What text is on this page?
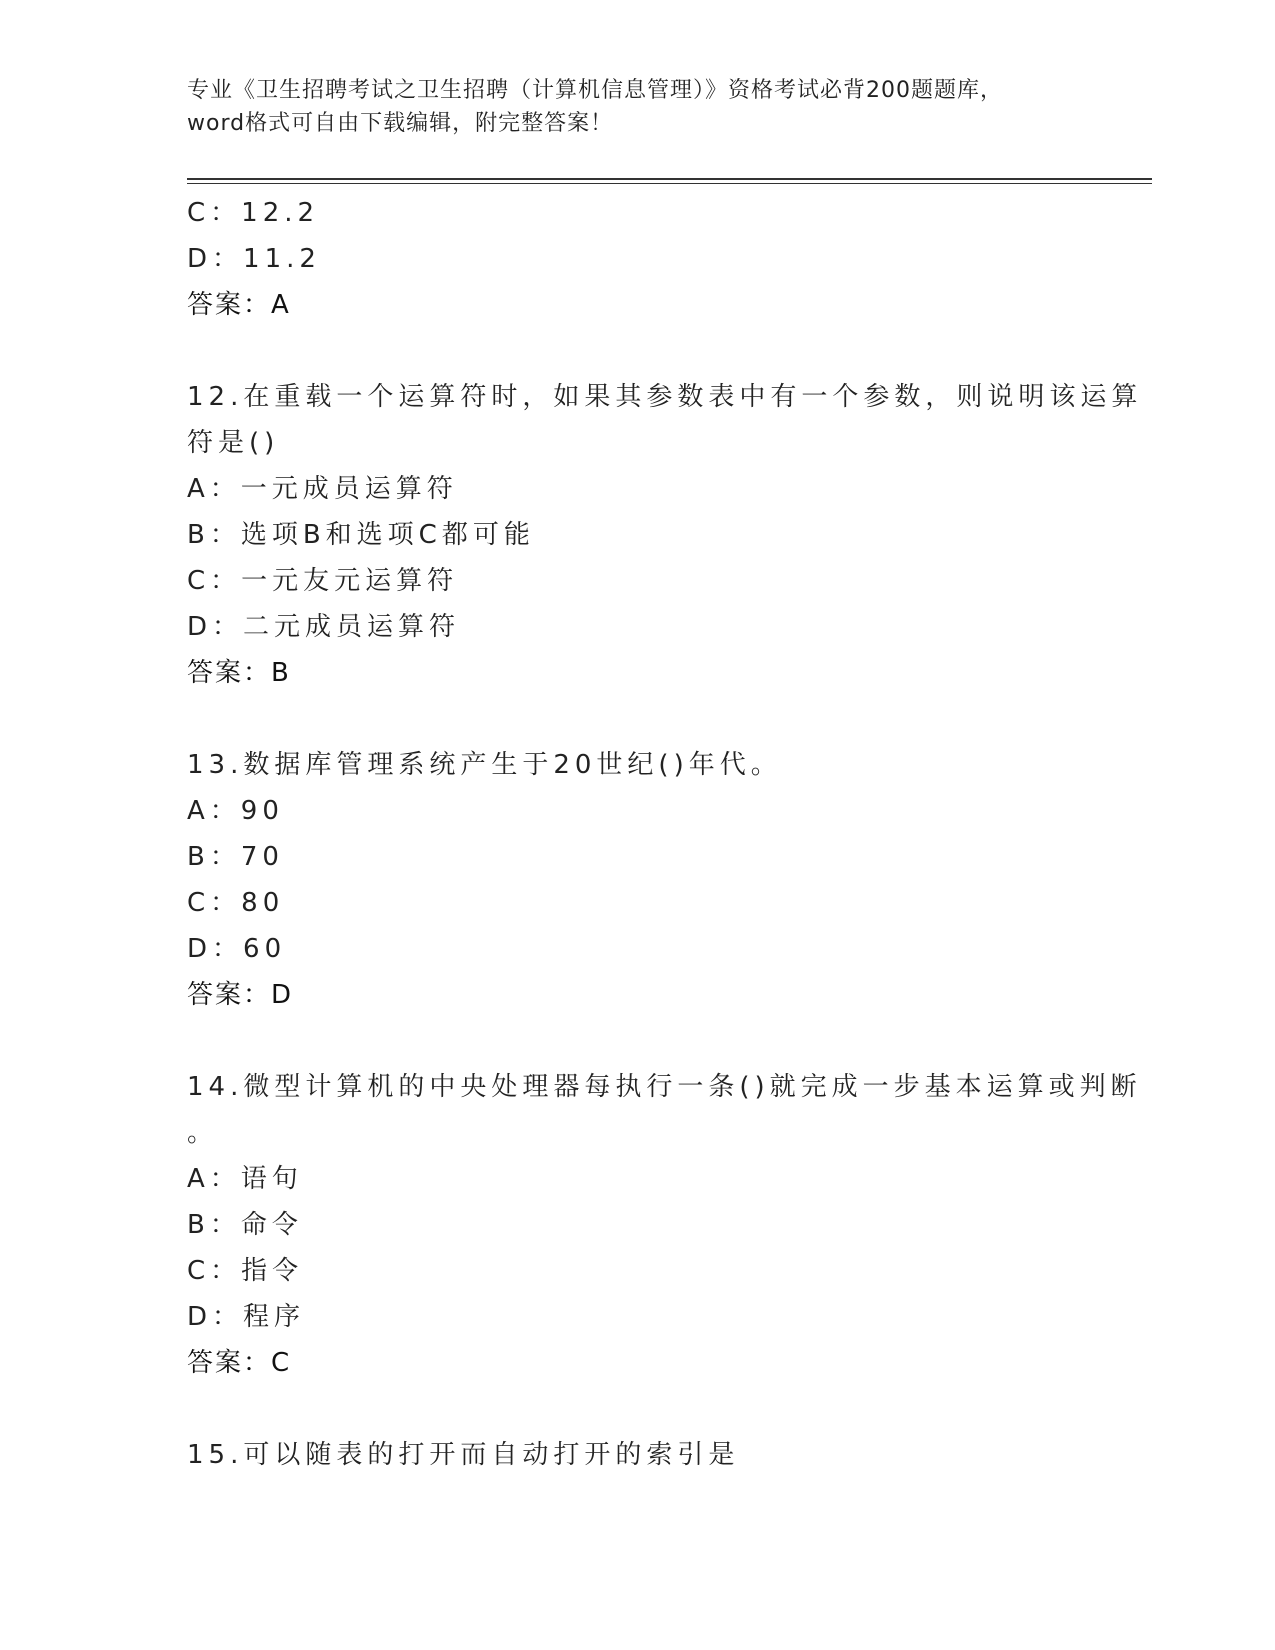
专业《卫生招聘考试之卫生招聘（计算机信息管理）》资格考试必背200题题库，
word格式可自由下载编辑，附完整答案！
C：12.2
D：11.2
答案：A
12.在重载一个运算符时，如果其参数表中有一个参数，则说明该运算
符是()
A：一元成员运算符
B：选项B和选项C都可能
C：一元友元运算符
D：二元成员运算符
答案：B
13.数据库管理系统产生于20世纪()年代。
A：90
B：70
C：80
D：60
答案：D
14.微型计算机的中央处理器每执行一条()就完成一步基本运算或判断
。
A：语句
B：命令
C：指令
D：程序
答案：C
15.可以随表的打开而自动打开的索引是
